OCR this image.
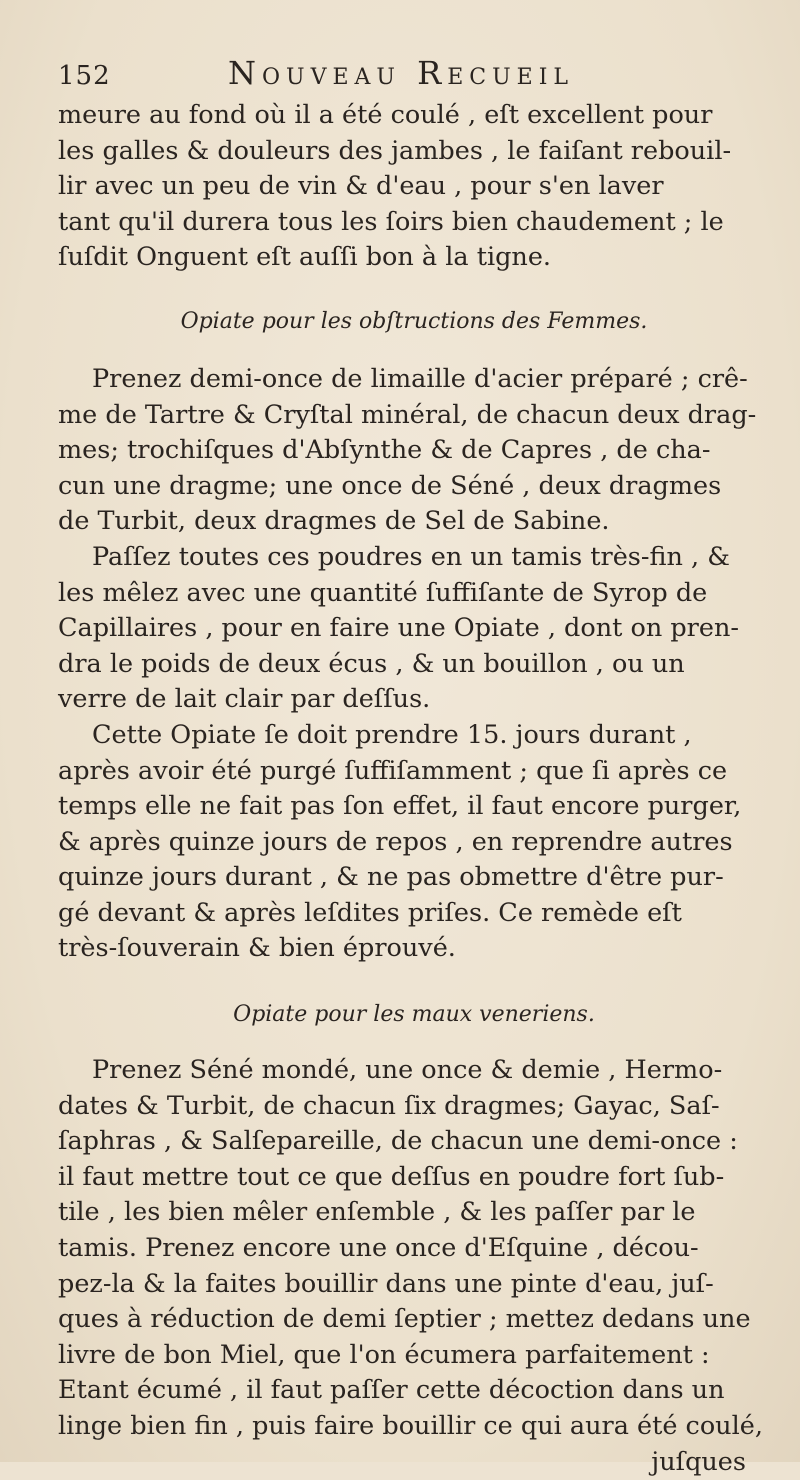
152	Nouveau Recueil
meure au fond où il a été coulé , eſt excellent pour
les galles & douleurs des jambes , le faiſant rebouil-
lir avec un peu de vin & d'eau , pour s'en laver
tant qu'il durera tous les ſoirs bien chaudement ; le
ſuſdit Onguent eſt auſſi bon à la tigne.
Opiate pour les obſtructions des Femmes.
Prenez demi-once de limaille d'acier préparé ; crê-
me de Tartre & Cryſtal minéral, de chacun deux drag-
mes; trochiſques d'Abſynthe & de Capres , de cha-
cun une dragme; une once de Séné , deux dragmes
de Turbit, deux dragmes de Sel de Sabine.
Paſſez toutes ces poudres en un tamis très-fin , &
les mêlez avec une quantité ſuffiſante de Syrop de
Capillaires , pour en faire une Opiate , dont on pren-
dra le poids de deux écus , & un bouillon , ou un
verre de lait clair par deſſus.
Cette Opiate ſe doit prendre 15. jours durant ,
après avoir été purgé ſuffiſamment ; que ſi après ce
temps elle ne fait pas ſon effet, il faut encore purger,
& après quinze jours de repos , en reprendre autres
quinze jours durant , & ne pas obmettre d'être pur-
gé devant & après leſdites priſes. Ce remède eſt
très-ſouverain & bien éprouvé.
Opiate pour les maux veneriens.
Prenez Séné mondé, une once & demie , Hermo-
dates & Turbit, de chacun ſix dragmes; Gayac, Saſ-
ſaphras , & Salſepareille, de chacun une demi-once :
il faut mettre tout ce que deſſus en poudre fort ſub-
tile , les bien mêler enſemble , & les paſſer par le
tamis. Prenez encore une once d'Eſquine , décou-
pez-la & la faites bouillir dans une pinte d'eau, juſ-
ques à réduction de demi ſeptier ; mettez dedans une
livre de bon Miel, que l'on écumera parfaitement :
Etant écumé , il faut paſſer cette décoction dans un
linge bien fin , puis faire bouillir ce qui aura été coulé,
juſques
